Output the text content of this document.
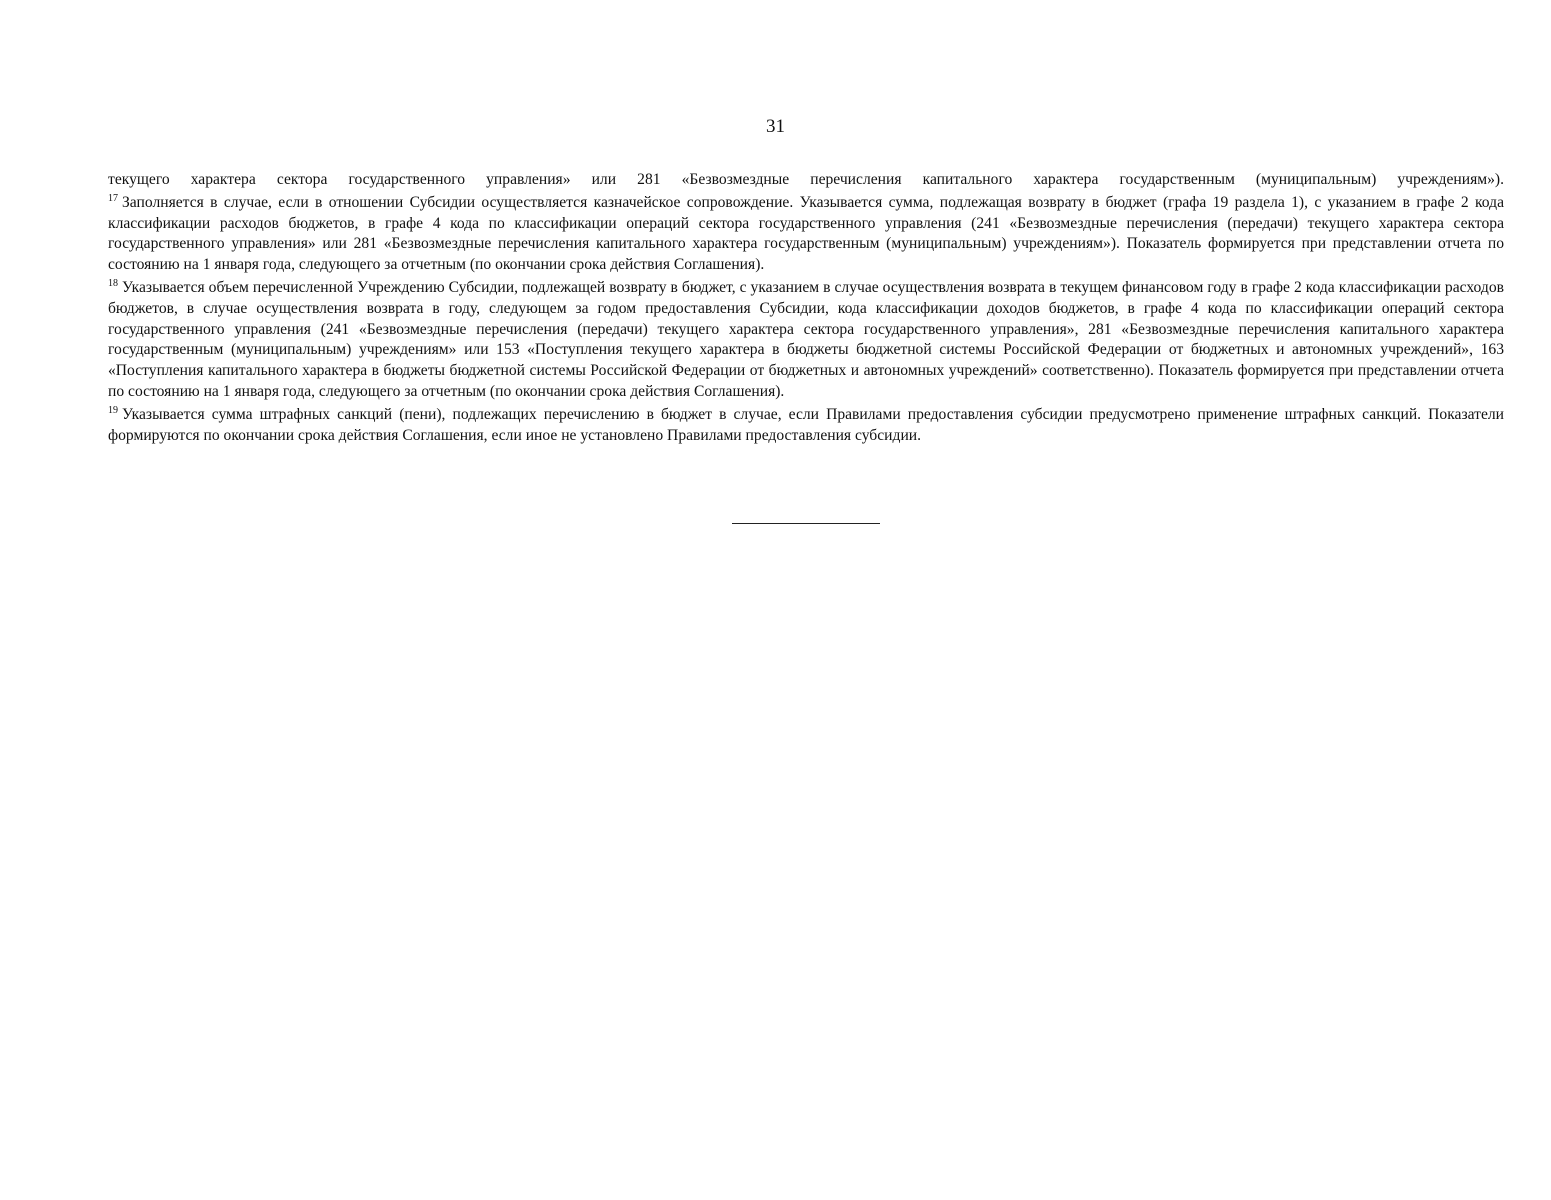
31
текущего характера сектора государственного управления» или 281 «Безвозмездные перечисления капитального характера государственным (муниципальным) учреждениям»).
$^{17}$ Заполняется в случае, если в отношении Субсидии осуществляется казначейское сопровождение. Указывается сумма, подлежащая возврату в бюджет (графа 19 раздела 1), с указанием в графе 2 кода классификации расходов бюджетов, в графе 4 кода по классификации операций сектора государственного управления (241 «Безвозмездные перечисления (передачи) текущего характера сектора государственного управления» или 281 «Безвозмездные перечисления капитального характера государственным (муниципальным) учреждениям»). Показатель формируется при представлении отчета по состоянию на 1 января года, следующего за отчетным (по окончании срока действия Соглашения).
$^{18}$ Указывается объем перечисленной Учреждению Субсидии, подлежащей возврату в бюджет, с указанием в случае осуществления возврата в текущем финансовом году в графе 2 кода классификации расходов бюджетов, в случае осуществления возврата в году, следующем за годом предоставления Субсидии, кода классификации доходов бюджетов, в графе 4 кода по классификации операций сектора государственного управления (241 «Безвозмездные перечисления (передачи) текущего характера сектора государственного управления», 281 «Безвозмездные перечисления капитального характера государственным (муниципальным) учреждениям» или 153 «Поступления текущего характера в бюджеты бюджетной системы Российской Федерации от бюджетных и автономных учреждений», 163 «Поступления капитального характера в бюджеты бюджетной системы Российской Федерации от бюджетных и автономных учреждений» соответственно). Показатель формируется при представлении отчета по состоянию на 1 января года, следующего за отчетным (по окончании срока действия Соглашения).
$^{19}$ Указывается сумма штрафных санкций (пени), подлежащих перечислению в бюджет в случае, если Правилами предоставления субсидии предусмотрено применение штрафных санкций. Показатели формируются по окончании срока действия Соглашения, если иное не установлено Правилами предоставления субсидии.
